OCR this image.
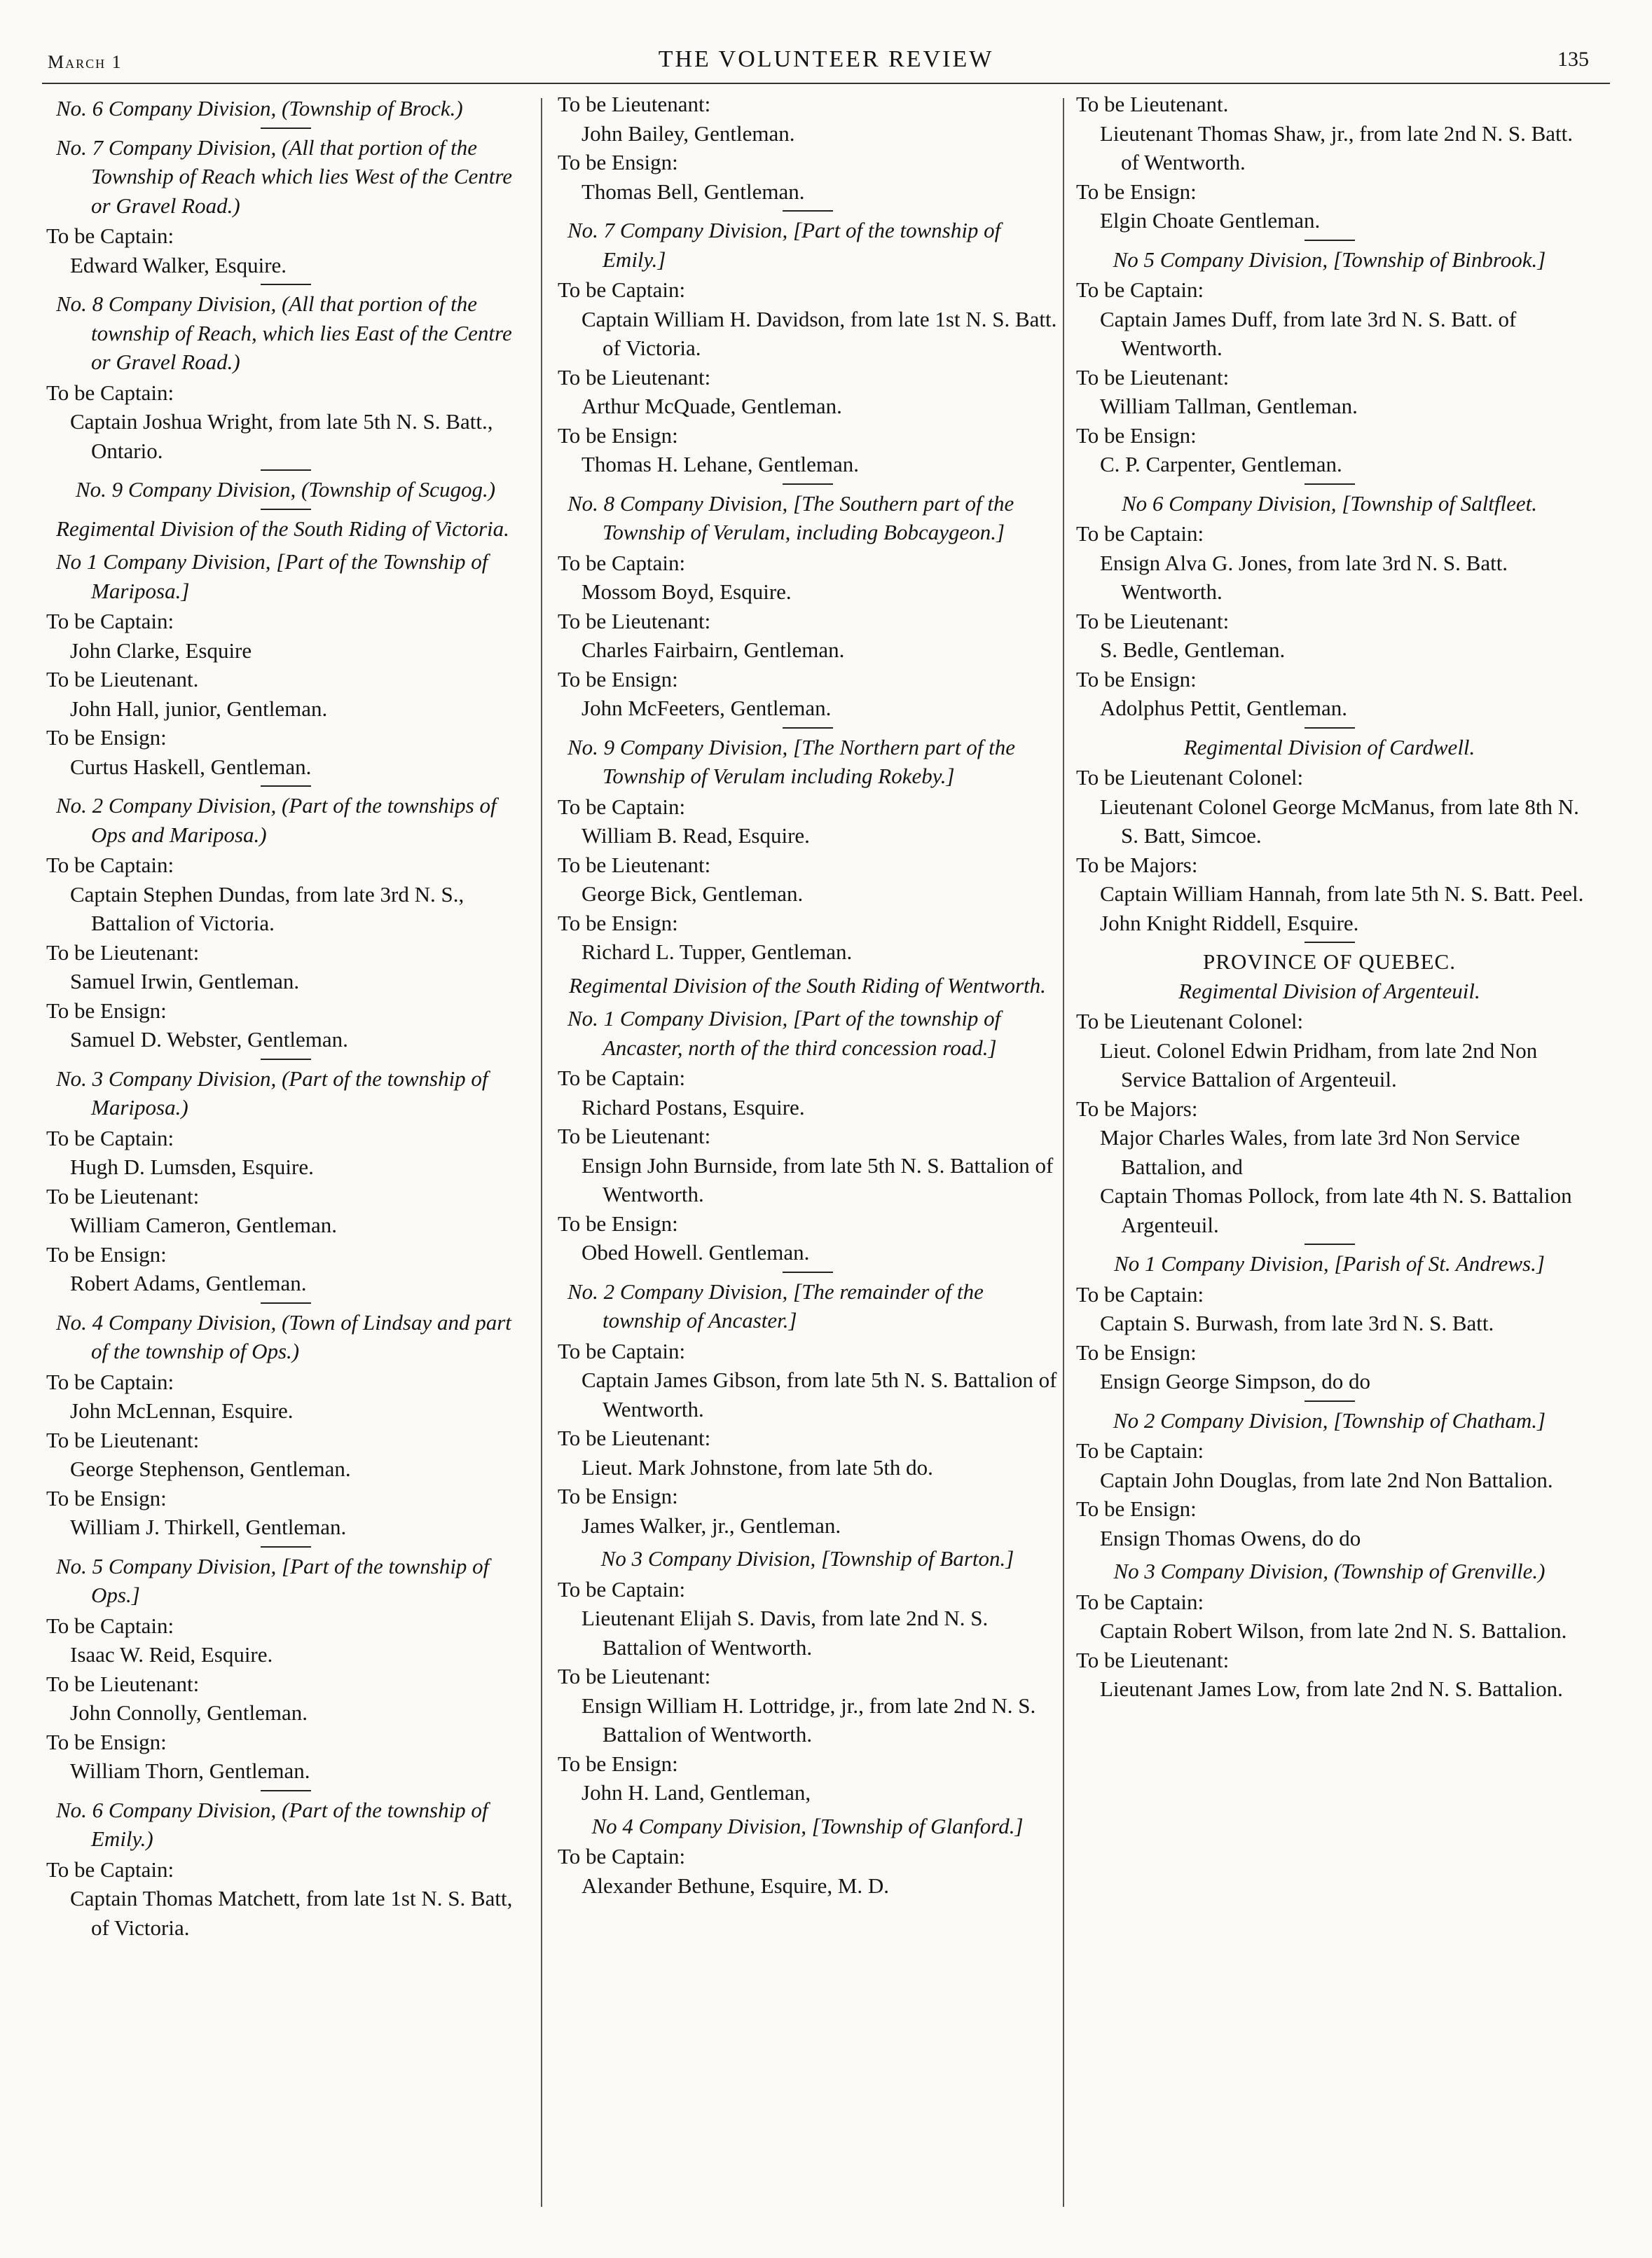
March 1	THE VOLUNTEER REVIEW	135
No. 6 Company Division, (Township of Brock.)
No. 7 Company Division, (All that portion of the Township of Reach which lies West of the Centre or Gravel Road.)
To be Captain:
Edward Walker, Esquire.
No. 8 Company Division, (All that portion of the township of Reach, which lies East of the Centre or Gravel Road.)
To be Captain:
Captain Joshua Wright, from late 5th N. S. Batt., Ontario.
No. 9 Company Division, (Township of Scugog.)
Regimental Division of the South Riding of Victoria.
No 1 Company Division, [Part of the Township of Mariposa.]
To be Captain:
John Clarke, Esquire
To be Lieutenant.
John Hall, junior, Gentleman.
To be Ensign:
Curtus Haskell, Gentleman.
No. 2 Company Division, (Part of the townships of Ops and Mariposa.)
To be Captain:
Captain Stephen Dundas, from late 3rd N. S., Battalion of Victoria.
To be Lieutenant:
Samuel Irwin, Gentleman.
To be Ensign:
Samuel D. Webster, Gentleman.
No. 3 Company Division, (Part of the township of Mariposa.)
To be Captain:
Hugh D. Lumsden, Esquire.
To be Lieutenant:
William Cameron, Gentleman.
To be Ensign:
Robert Adams, Gentleman.
No. 4 Company Division, (Town of Lindsay and part of the township of Ops.)
To be Captain:
John McLennan, Esquire.
To be Lieutenant:
George Stephenson, Gentleman.
To be Ensign:
William J. Thirkell, Gentleman.
No. 5 Company Division, [Part of the township of Ops.]
To be Captain:
Isaac W. Reid, Esquire.
To be Lieutenant:
John Connolly, Gentleman.
To be Ensign:
William Thorn, Gentleman.
No. 6 Company Division, (Part of the township of Emily.)
To be Captain:
Captain Thomas Matchett, from late 1st N. S. Batt, of Victoria.
To be Lieutenant:
John Bailey, Gentleman.
To be Ensign:
Thomas Bell, Gentleman.
No. 7 Company Division, [Part of the township of Emily.]
To be Captain:
Captain William H. Davidson, from late 1st N. S. Batt. of Victoria.
To be Lieutenant:
Arthur McQuade, Gentleman.
To be Ensign:
Thomas H. Lehane, Gentleman.
No. 8 Company Division, [The Southern part of the Township of Verulam, including Bobcaygeon.]
To be Captain:
Mossom Boyd, Esquire.
To be Lieutenant:
Charles Fairbairn, Gentleman.
To be Ensign:
John McFeeters, Gentleman.
No. 9 Company Division, [The Northern part of the Township of Verulam including Rokeby.]
To be Captain:
William B. Read, Esquire.
To be Lieutenant:
George Bick, Gentleman.
To be Ensign:
Richard L. Tupper, Gentleman.
Regimental Division of the South Riding of Wentworth.
No. 1 Company Division, [Part of the township of Ancaster, north of the third concession road.]
To be Captain:
Richard Postans, Esquire.
To be Lieutenant:
Ensign John Burnside, from late 5th N. S. Battalion of Wentworth.
To be Ensign:
Obed Howell. Gentleman.
No. 2 Company Division, [The remainder of the township of Ancaster.]
To be Captain:
Captain James Gibson, from late 5th N. S. Battalion of Wentworth.
To be Lieutenant:
Lieut. Mark Johnstone, from late 5th do.
To be Ensign:
James Walker, jr., Gentleman.
No 3 Company Division, [Township of Barton.]
To be Captain:
Lieutenant Elijah S. Davis, from late 2nd N. S. Battalion of Wentworth.
To be Lieutenant:
Ensign William H. Lottridge, jr., from late 2nd N. S. Battalion of Wentworth.
To be Ensign:
John H. Land, Gentleman,
No 4 Company Division, [Township of Glanford.]
To be Captain:
Alexander Bethune, Esquire, M. D.
To be Lieutenant.
Lieutenant Thomas Shaw, jr., from late 2nd N. S. Batt. of Wentworth.
To be Ensign:
Elgin Choate Gentleman.
No 5 Company Division, [Township of Binbrook.]
To be Captain:
Captain James Duff, from late 3rd N. S. Batt. of Wentworth.
To be Lieutenant:
William Tallman, Gentleman.
To be Ensign:
C. P. Carpenter, Gentleman.
No 6 Company Division, [Township of Saltfleet.
To be Captain:
Ensign Alva G. Jones, from late 3rd N. S. Batt. Wentworth.
To be Lieutenant:
S. Bedle, Gentleman.
To be Ensign:
Adolphus Pettit, Gentleman.
Regimental Division of Cardwell.
To be Lieutenant Colonel:
Lieutenant Colonel George McManus, from late 8th N. S. Batt, Simcoe.
To be Majors:
Captain William Hannah, from late 5th N. S. Batt. Peel.
John Knight Riddell, Esquire.
PROVINCE OF QUEBEC.
Regimental Division of Argenteuil.
To be Lieutenant Colonel:
Lieut. Colonel Edwin Pridham, from late 2nd Non Service Battalion of Argenteuil.
To be Majors:
Major Charles Wales, from late 3rd Non Service Battalion, and
Captain Thomas Pollock, from late 4th N. S. Battalion Argenteuil.
No 1 Company Division, [Parish of St. Andrews.]
To be Captain:
Captain S. Burwash, from late 3rd N. S. Batt.
To be Ensign:
Ensign George Simpson, do do
No 2 Company Division, [Township of Chatham.]
To be Captain:
Captain John Douglas, from late 2nd Non Battalion.
To be Ensign:
Ensign Thomas Owens, do do
No 3 Company Division, (Township of Grenville.)
To be Captain:
Captain Robert Wilson, from late 2nd N. S. Battalion.
To be Lieutenant:
Lieutenant James Low, from late 2nd N. S. Battalion.
